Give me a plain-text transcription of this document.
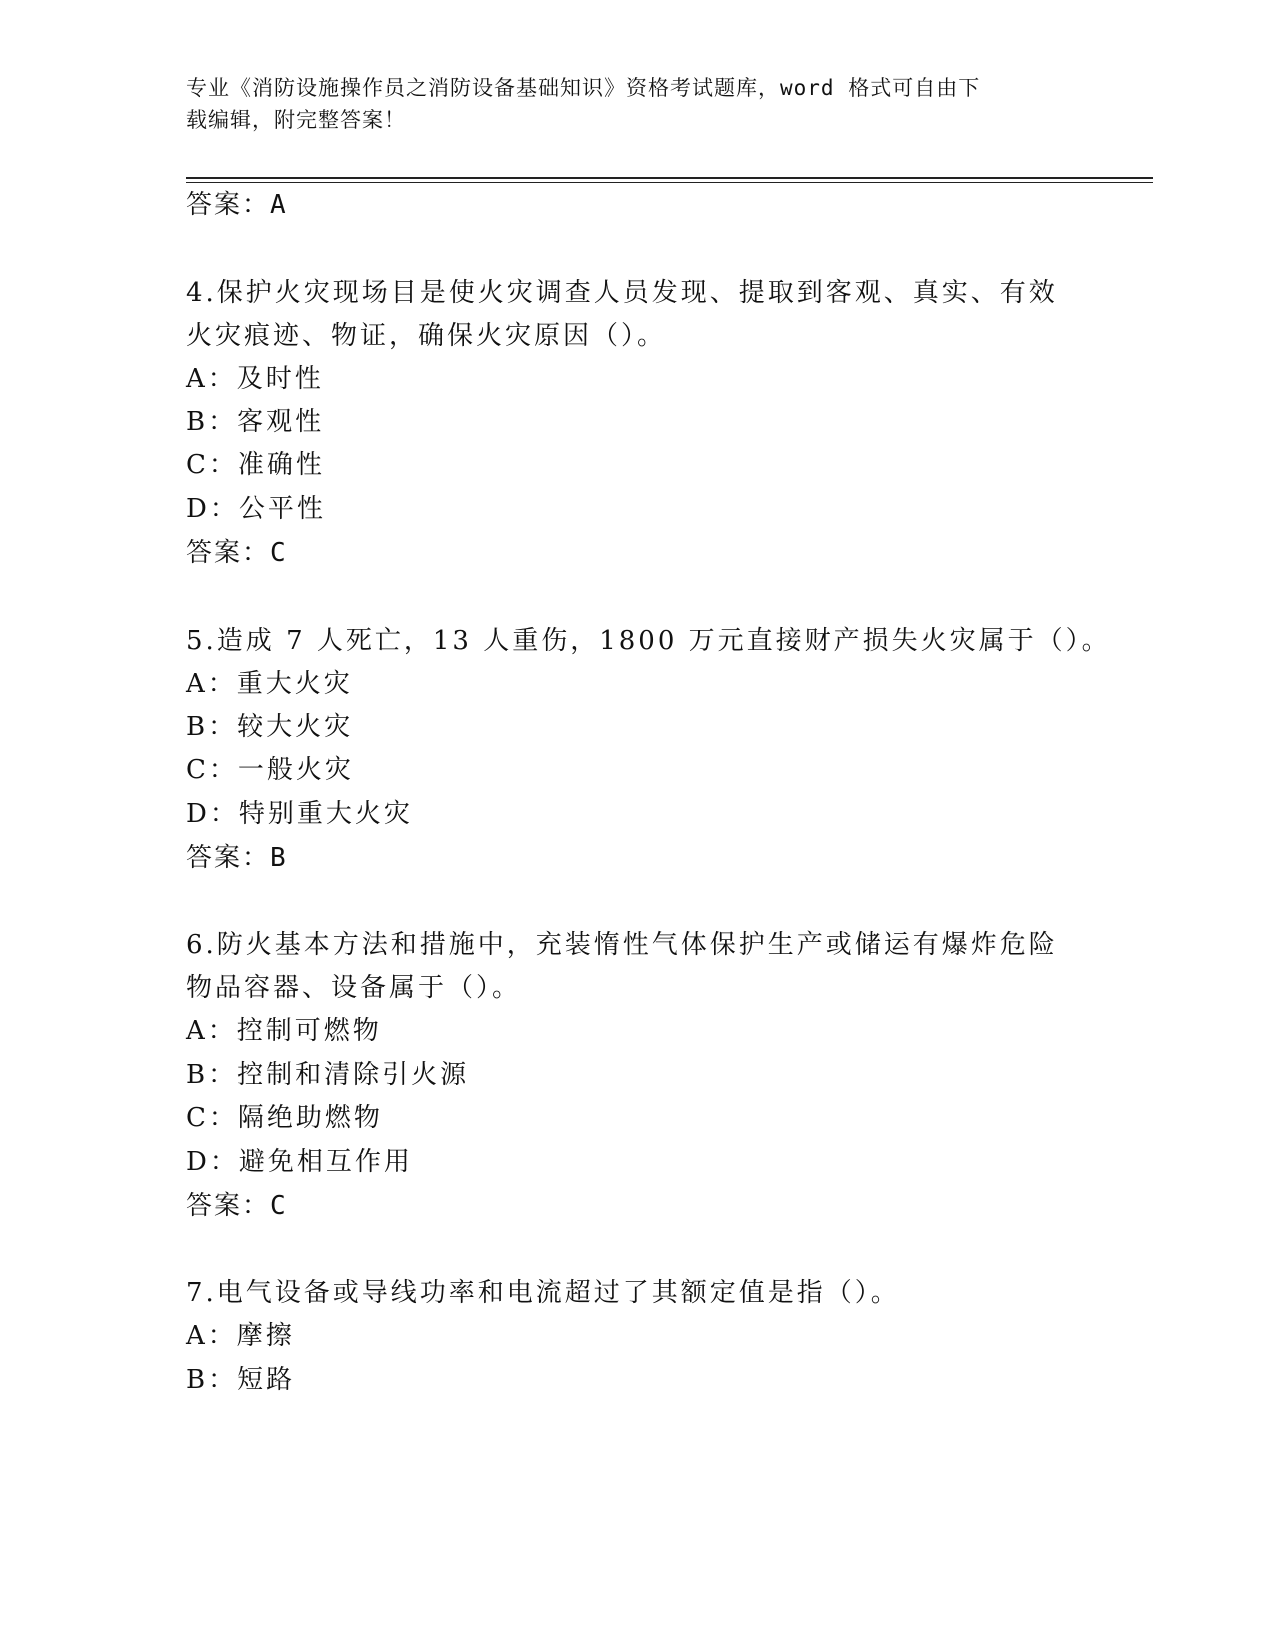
专业《消防设施操作员之消防设备基础知识》资格考试题库，word 格式可自由下
载编辑，附完整答案！
答案：A
4.保护火灾现场目是使火灾调查人员发现、提取到客观、真实、有效
火灾痕迹、物证，确保火灾原因（）。
A：及时性
B：客观性
C：准确性
D：公平性
答案：C
5.造成 7 人死亡，13 人重伤，1800 万元直接财产损失火灾属于（）。
A：重大火灾
B：较大火灾
C：一般火灾
D：特别重大火灾
答案：B
6.防火基本方法和措施中，充装惰性气体保护生产或储运有爆炸危险
物品容器、设备属于（）。
A：控制可燃物
B：控制和清除引火源
C：隔绝助燃物
D：避免相互作用
答案：C
7.电气设备或导线功率和电流超过了其额定值是指（）。
A：摩擦
B：短路
